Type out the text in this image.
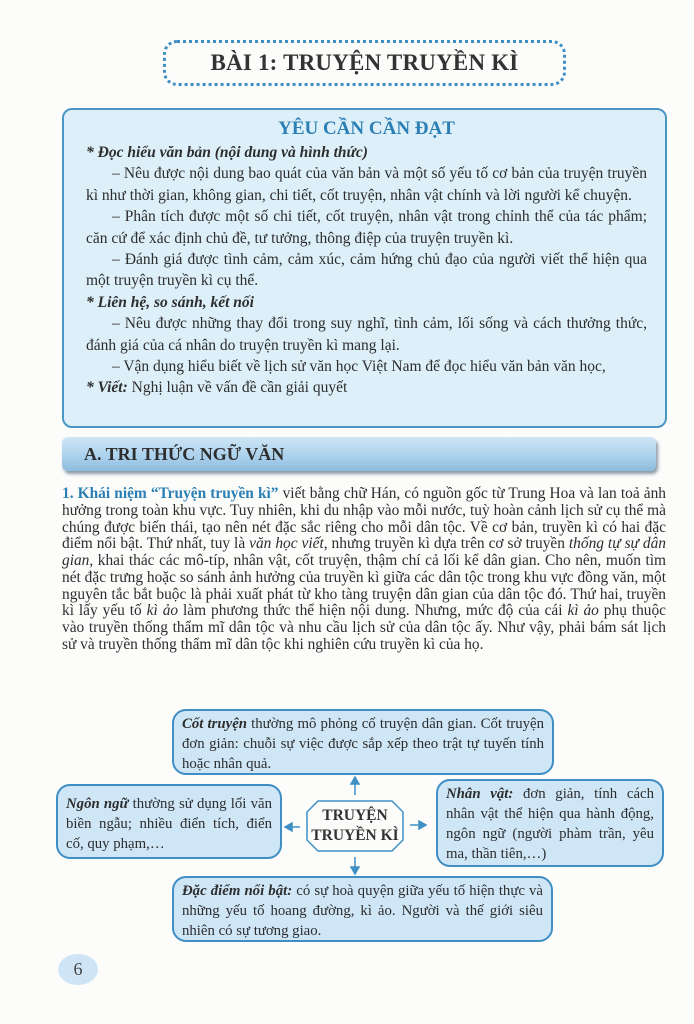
BÀI 1: TRUYỆN TRUYỀN KÌ
YÊU CẦN CẦN ĐẠT
* Đọc hiểu văn bản (nội dung và hình thức)
– Nêu được nội dung bao quát của văn bản và một số yếu tố cơ bản của truyện truyền kì như thời gian, không gian, chi tiết, cốt truyện, nhân vật chính và lời người kể chuyện.
– Phân tích được một số chi tiết, cốt truyện, nhân vật trong chỉnh thể của tác phẩm; căn cứ để xác định chủ đề, tư tưởng, thông điệp của truyện truyền kì.
– Đánh giá được tình cảm, cảm xúc, cảm hứng chủ đạo của người viết thể hiện qua một truyện truyền kì cụ thể.
* Liên hệ, so sánh, kết nối
– Nêu được những thay đổi trong suy nghĩ, tình cảm, lối sống và cách thưởng thức, đánh giá của cá nhân do truyện truyền kì mang lại.
– Vận dụng hiểu biết về lịch sử văn học Việt Nam để đọc hiểu văn bản văn học,
* Viết: Nghị luận về vấn đề cần giải quyết
A. TRI THỨC NGỮ VĂN
1. Khái niệm “Truyện truyền kì” viết bằng chữ Hán, có nguồn gốc từ Trung Hoa và lan toả ảnh hưởng trong toàn khu vực. Tuy nhiên, khi du nhập vào mỗi nước, tuỳ hoàn cảnh lịch sử cụ thể mà chúng được biến thái, tạo nên nét đặc sắc riêng cho mỗi dân tộc. Về cơ bản, truyền kì có hai đặc điểm nổi bật. Thứ nhất, tuy là văn học viết, nhưng truyền kì dựa trên cơ sở truyền thống tự sự dân gian, khai thác các mô-típ, nhân vật, cốt truyện, thậm chí cả lối kể dân gian. Cho nên, muốn tìm nét đặc trưng hoặc so sánh ảnh hưởng của truyền kì giữa các dân tộc trong khu vực đồng văn, một nguyên tắc bắt buộc là phải xuất phát từ kho tàng truyện dân gian của dân tộc đó. Thứ hai, truyền kì lấy yếu tố kì ảo làm phương thức thể hiện nội dung. Nhưng, mức độ của cái kì ảo phụ thuộc vào truyền thống thẩm mĩ dân tộc và nhu cầu lịch sử của dân tộc ấy. Như vậy, phải bám sát lịch sử và truyền thống thẩm mĩ dân tộc khi nghiên cứu truyền kì của họ.
Cốt truyện thường mô phỏng cố truyện dân gian. Cốt truyện đơn giản: chuỗi sự việc được sắp xếp theo trật tự tuyến tính hoặc nhân quả.
Ngôn ngữ thường sử dụng lối văn biền ngẫu; nhiều điển tích, điển cố, quy phạm,…
Nhân vật: đơn giản, tính cách nhân vật thể hiện qua hành động, ngôn ngữ (người phàm trần, yêu ma, thần tiên,…)
Đặc điểm nổi bật: có sự hoà quyện giữa yếu tố hiện thực và những yếu tố hoang đường, kì ảo. Người và thế giới siêu nhiên có sự tương giao.
TRUYỆN
TRUYỀN KÌ
6
